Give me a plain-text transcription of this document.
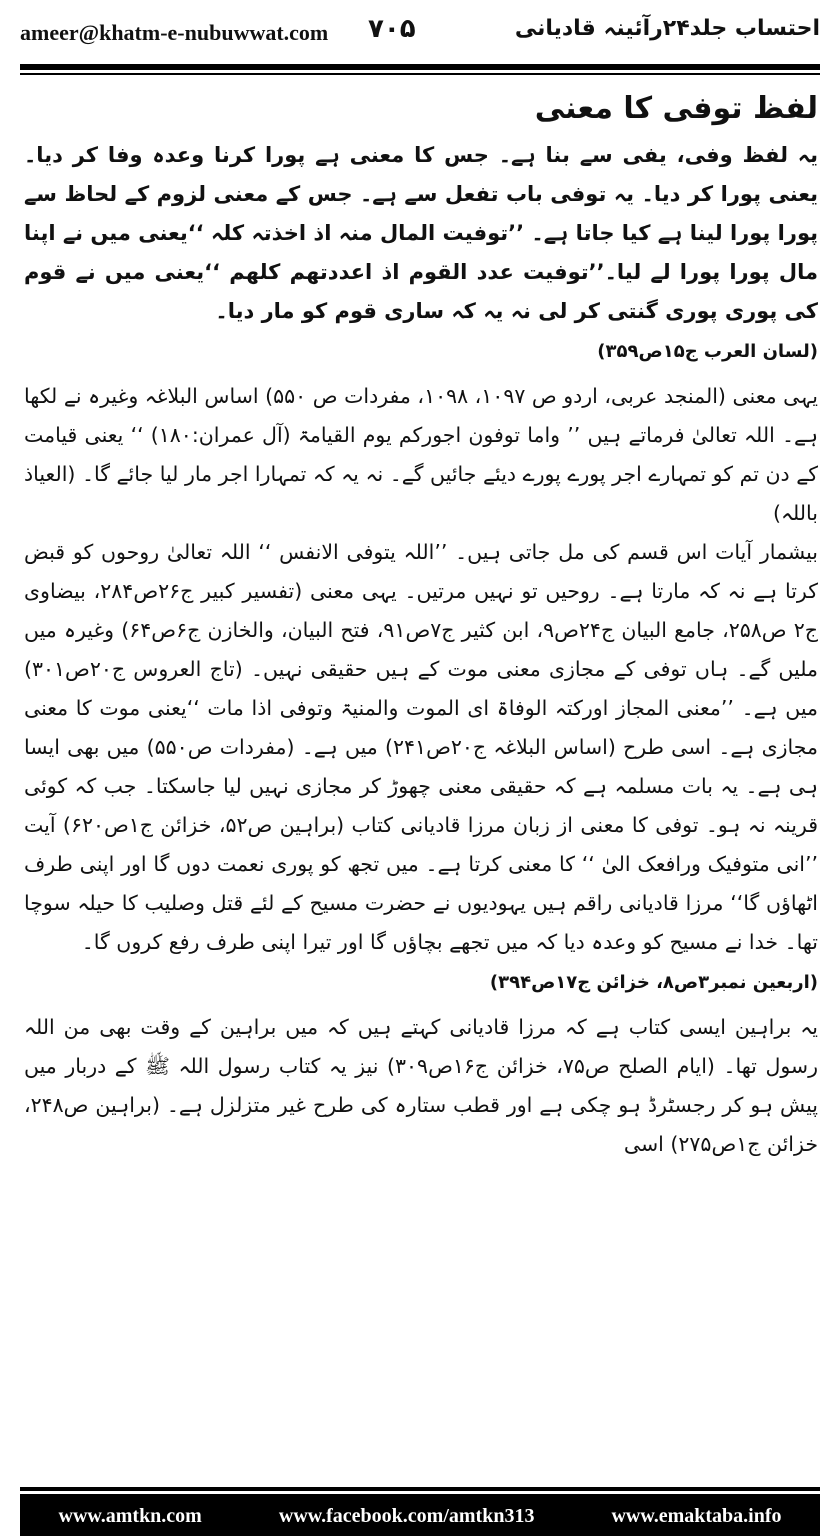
ameer@khatm-e-nubuwwat.com ۷۰۵	احتساب جلد۲۴رآئینہ قادیانی
لفظ توفی کا معنی

یہ لفظ وفی، یفی سے بنا ہے۔ جس کا معنی ہے پورا کرنا وعدہ وفا کر دیا۔ یعنی پورا کر دیا۔ یہ توفی باب تفعل سے ہے۔ جس کے معنی لزوم کے لحاظ سے پورا پورا لینا ہے کیا جاتا ہے۔ ’’توفیت المال منہ اذ اخذتہ کلہ ‘‘یعنی میں نے اپنا مال پورا پورا لے لیا۔’’توفیت عدد القوم اذ اعددتھم کلھم ‘‘یعنی میں نے قوم کی پوری پوری گنتی کر لی نہ یہ کہ ساری قوم کو مار دیا۔

(لسان العرب ج۱۵ص۳۵۹)

یہی معنی (المنجد عربی، اردو ص ۱۰۹۷، ۱۰۹۸، مفردات ص ۵۵۰) اساس البلاغہ وغیرہ نے لکھا ہے۔ اللہ تعالیٰ فرماتے ہیں ’’ واما توفون اجورکم یوم القیامۃ (آل عمران:۱۸۰) ‘‘ یعنی قیامت کے دن تم کو تمہارے اجر پورے پورے دیئے جائیں گے۔ نہ یہ کہ تمہارا اجر مار لیا جائے گا۔ (العیاذ باللہ)

بیشمار آیات اس قسم کی مل جاتی ہیں۔ ’’اللہ یتوفی الانفس ‘‘ اللہ تعالیٰ روحوں کو قبض کرتا ہے نہ کہ مارتا ہے۔ روحیں تو نہیں مرتیں۔ یہی معنی (تفسیر کبیر ج۲۶ص۲۸۴، بیضاوی ج۲ ص۲۵۸، جامع البیان ج۲۴ص۹، ابن کثیر ج۷ص۹۱، فتح البیان، والخازن ج۶ص۶۴) وغیرہ میں ملیں گے۔ ہاں توفی کے مجازی معنی موت کے ہیں حقیقی نہیں۔ (تاج العروس ج۲۰ص۳۰۱) میں ہے۔ ’’معنی المجاز اورکتہ الوفاۃ ای الموت والمنیۃ وتوفی اذا مات ‘‘یعنی موت کا معنی مجازی ہے۔ اسی طرح (اساس البلاغہ ج۲۰ص۲۴۱) میں ہے۔ (مفردات ص۵۵۰) میں بھی ایسا ہی ہے۔ یہ بات مسلمہ ہے کہ حقیقی معنی چھوڑ کر مجازی نہیں لیا جاسکتا۔ جب کہ کوئی قرینہ نہ ہو۔ توفی کا معنی از زبان مرزا قادیانی کتاب (براہین ص۵۲، خزائن ج۱ص۶۲۰) آیت ’’انی متوفیک ورافعک الیٰ ‘‘ کا معنی کرتا ہے۔ میں تجھ کو پوری نعمت دوں گا اور اپنی طرف اٹھاؤں گا‘‘ مرزا قادیانی راقم ہیں یہودیوں نے حضرت مسیح کے لئے قتل وصلیب کا حیلہ سوچا تھا۔ خدا نے مسیح کو وعدہ دیا کہ میں تجھے بچاؤں گا اور تیرا اپنی طرف رفع کروں گا۔

(اربعین نمبر۳ص۸، خزائن ج۱۷ص۳۹۴)

یہ براہین ایسی کتاب ہے کہ مرزا قادیانی کہتے ہیں کہ میں براہین کے وقت بھی من اللہ رسول تھا۔ (ایام الصلح ص۷۵، خزائن ج۱۶ص۳۰۹) نیز یہ کتاب رسول اللہ ﷺ کے دربار میں پیش ہو کر رجسٹرڈ ہو چکی ہے اور قطب ستارہ کی طرح غیر متزلزل ہے۔ (براہین ص۲۴۸، خزائن ج۱ص۲۷۵) اسی

www.amtkn.com	www.facebook.com/amtkn313	www.emaktaba.info
